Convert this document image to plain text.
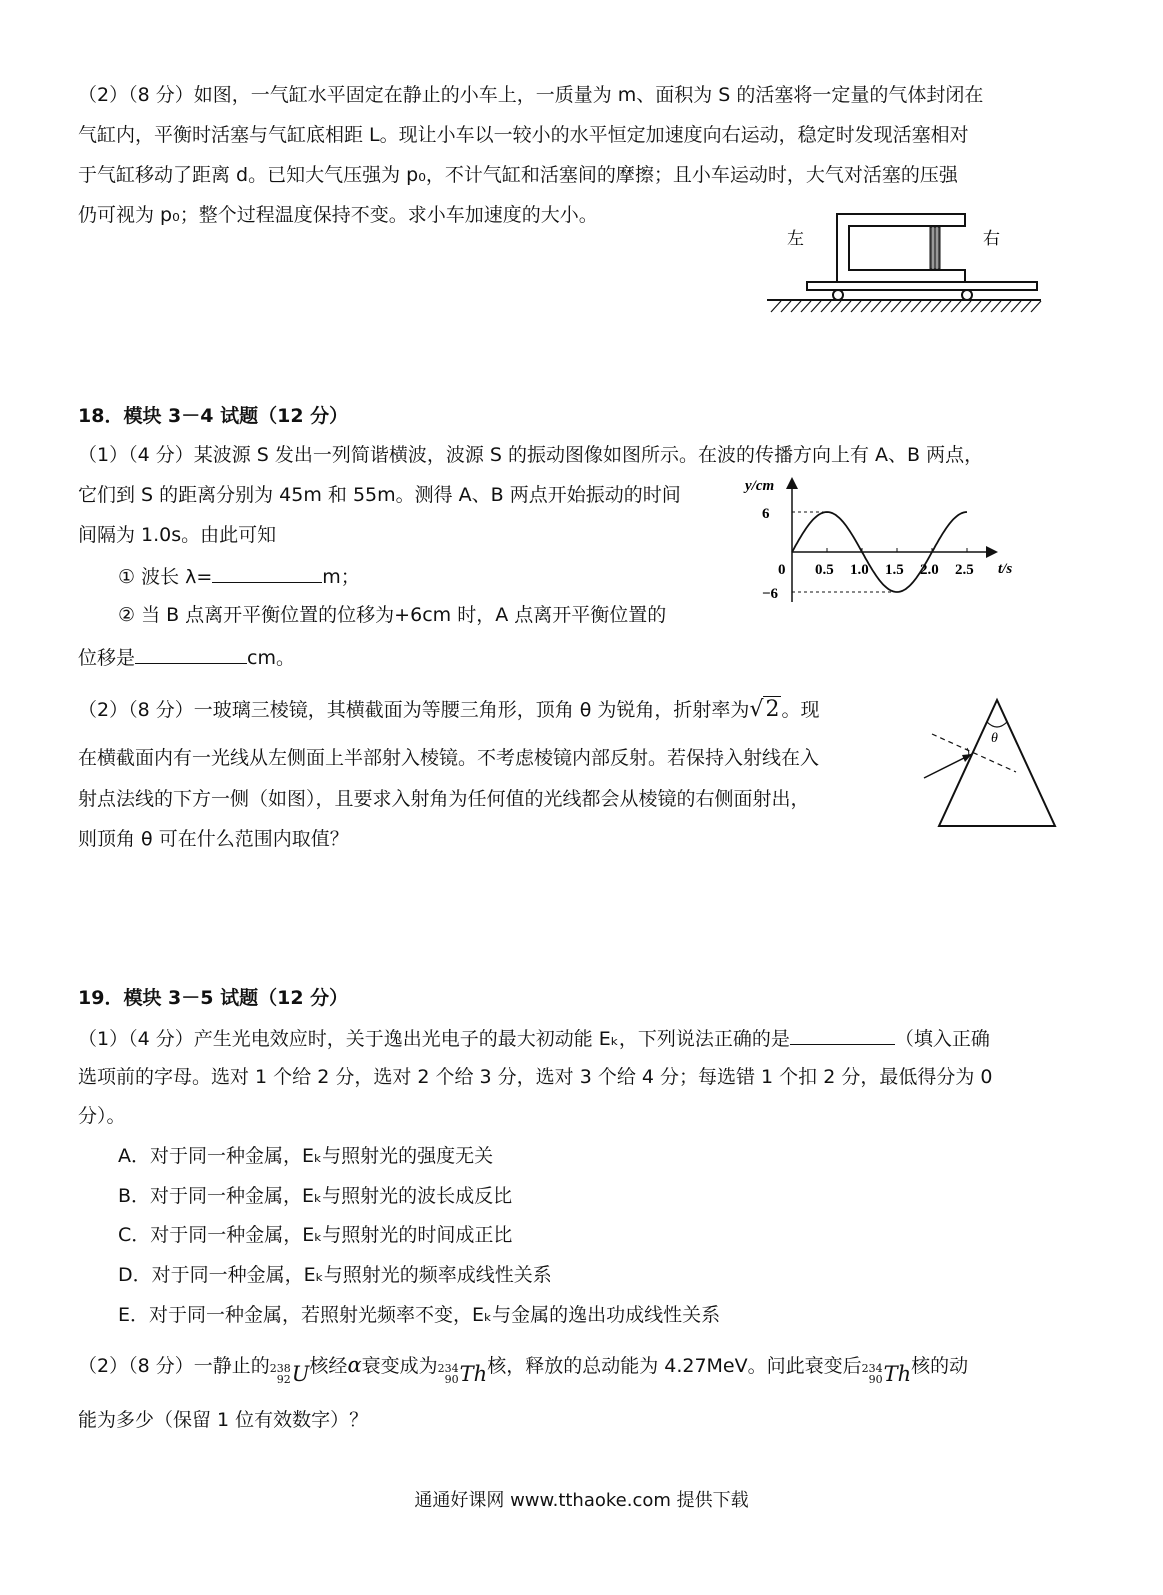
（2）（8 分）如图，一气缸水平固定在静止的小车上，一质量为 m、面积为 S 的活塞将一定量的气体封闭在
气缸内，平衡时活塞与气缸底相距 L。现让小车以一较小的水平恒定加速度向右运动，稳定时发现活塞相对
于气缸移动了距离 d。已知大气压强为 p₀，不计气缸和活塞间的摩擦；且小车运动时，大气对活塞的压强
仍可视为 p₀；整个过程温度保持不变。求小车加速度的大小。
左	右
18．模块 3－4 试题（12 分）
（1）（4 分）某波源 S 发出一列简谐横波，波源 S 的振动图像如图所示。在波的传播方向上有 A、B 两点，
它们到 S 的距离分别为 45m 和 55m。测得 A、B 两点开始振动的时间
间隔为 1.0s。由此可知
① 波长 λ=	m；
② 当 B 点离开平衡位置的位移为+6cm 时，A 点离开平衡位置的
位移是	cm。
0 0.5 1.0 1.5 2.0 2.5
6
−6
y/cm
t/s
（2）（8 分）一玻璃三棱镜，其横截面为等腰三角形，顶角 θ 为锐角，折射率为√2 。现
在横截面内有一光线从左侧面上半部射入棱镜。不考虑棱镜内部反射。若保持入射线在入
射点法线的下方一侧（如图），且要求入射角为任何值的光线都会从棱镜的右侧面射出，
则顶角 θ 可在什么范围内取值？
θ
19．模块 3－5 试题（12 分）
（1）（4 分）产生光电效应时，关于逸出光电子的最大初动能 Eₖ，下列说法正确的是	（填入正确
选项前的字母。选对 1 个给 2 分，选对 2 个给 3 分，选对 3 个给 4 分；每选错 1 个扣 2 分，最低得分为 0
分）。
A．对于同一种金属，Eₖ与照射光的强度无关
B．对于同一种金属，Eₖ与照射光的波长成反比
C．对于同一种金属，Eₖ与照射光的时间成正比
D．对于同一种金属，Eₖ与照射光的频率成线性关系
E．对于同一种金属，若照射光频率不变，Eₖ与金属的逸出功成线性关系
（2）（8 分）一静止的 238
92 U 核经α衰变成为 234
90 Th 核，释放的总动能为 4.27MeV。问此衰变后 234
90 Th 核的动
能为多少（保留 1 位有效数字）？
通通好课网 www.tthaoke.com 提供下载
